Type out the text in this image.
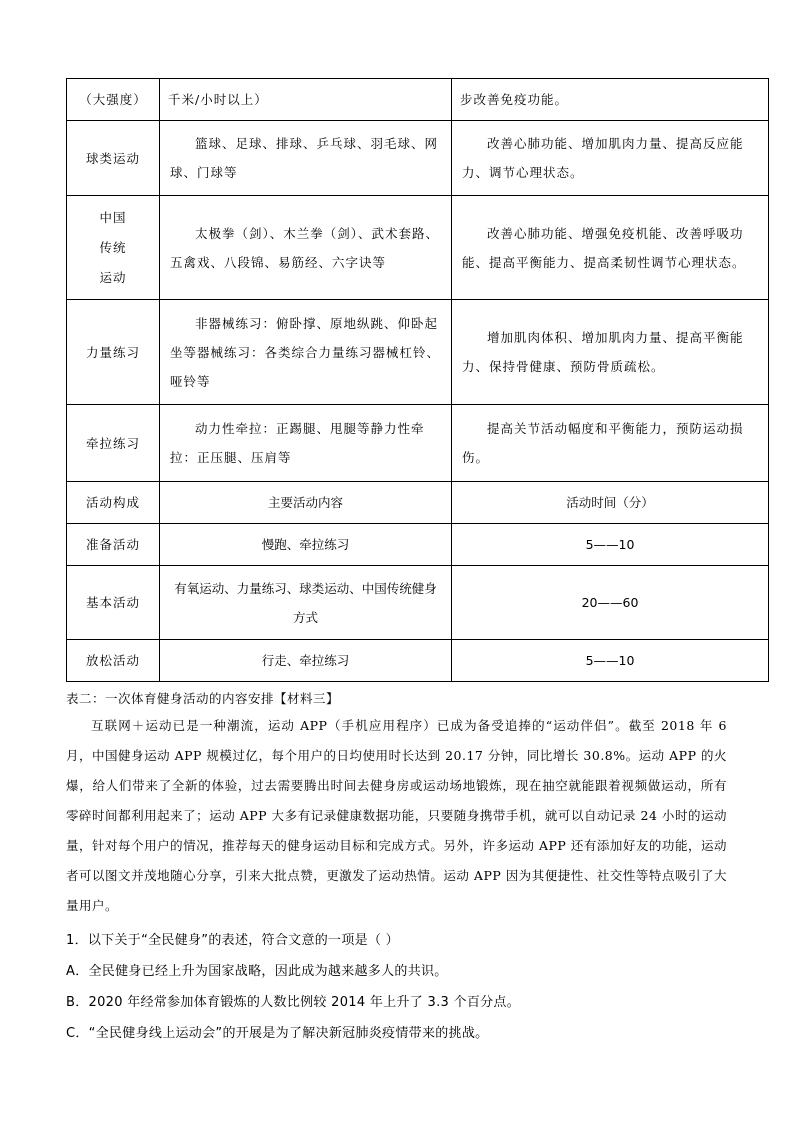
（大强度）	千米/小时以上）	步改善免疫功能。
球类运动	篮球、足球、排球、乒乓球、羽毛球、网球、门球等	改善心肺功能、增加肌肉力量、提高反应能力、调节心理状态。

中国传统运动	太极拳（剑）、木兰拳（剑）、武术套路、五禽戏、八段锦、易筋经、六字诀等	改善心肺功能、增强免疫机能、改善呼吸功能、提高平衡能力、提高柔韧性调节心理状态。
力量练习	非器械练习：俯卧撑、原地纵跳、仰卧起坐等器械练习：各类综合力量练习器械杠铃、哑铃等	增加肌肉体积、增加肌肉力量、提高平衡能力、保持骨健康、预防骨质疏松。
牵拉练习	动力性牵拉：正踢腿、甩腿等静力性牵拉：正压腿、压肩等	提高关节活动幅度和平衡能力，预防运动损伤。
活动构成	主要活动内容	活动时间（分）
准备活动	慢跑、牵拉练习	5——10
基本活动	有氧运动、力量练习、球类运动、中国传统健身方式	20——60
放松活动	行走、牵拉练习	5——10
表二：一次体育健身活动的内容安排【材料三】

互联网＋运动已是一种潮流，运动 APP（手机应用程序）已成为备受追捧的“运动伴侣”。截至 2018 年 6 月，中国健身运动 APP 规模过亿，每个用户的日均使用时长达到 20.17 分钟，同比增长 30.8%。运动 APP 的火爆，给人们带来了全新的体验，过去需要腾出时间去健身房或运动场地锻炼，现在抽空就能跟着视频做运动，所有零碎时间都利用起来了；运动 APP 大多有记录健康数据功能，只要随身携带手机，就可以自动记录 24 小时的运动量，针对每个用户的情况，推荐每天的健身运动目标和完成方式。另外，许多运动 APP 还有添加好友的功能，运动者可以图文并茂地随心分享，引来大批点赞，更激发了运动热情。运动 APP 因为其便捷性、社交性等特点吸引了大量用户。

1．以下关于“全民健身”的表述，符合文意的一项是（ ）

A．全民健身已经上升为国家战略，因此成为越来越多人的共识。

B．2020 年经常参加体育锻炼的人数比例较 2014 年上升了 3.3 个百分点。

C．“全民健身线上运动会”的开展是为了解决新冠肺炎疫情带来的挑战。
